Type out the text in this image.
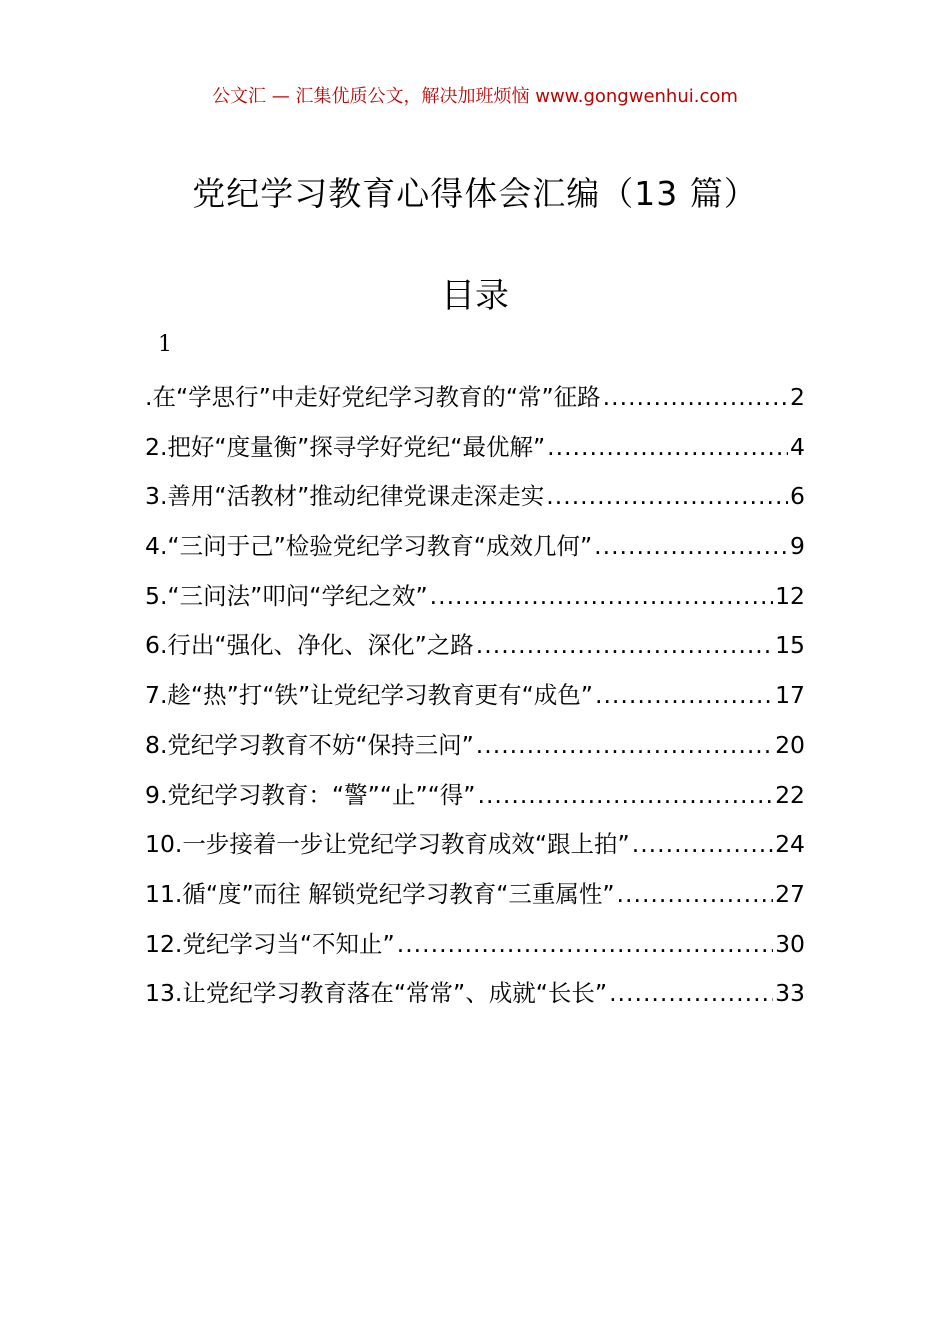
公文汇 — 汇集优质公文，解决加班烦恼 www.gongwenhui.com
党纪学习教育心得体会汇编（13 篇）
目录
1
.在“学思行”中走好党纪学习教育的“常”征路 .....	2
2.把好“度量衡”探寻学好党纪“最优解” .....	4
3.善用“活教材”推动纪律党课走深走实 .....	6
4.“三问于己”检验党纪学习教育“成效几何” .....	9
5.“三问法”叩问“学纪之效” .....	12
6.行出“强化、净化、深化”之路 .....	15
7.趁“热”打“铁”让党纪学习教育更有“成色” .....	17
8.党纪学习教育不妨“保持三问” .....	20
9.党纪学习教育：“警”“止”“得” .....	22
10.一步接着一步让党纪学习教育成效“跟上拍” .....	24
11.循“度”而往 解锁党纪学习教育“三重属性” .....	27
12.党纪学习当“不知止” .....	30
13.让党纪学习教育落在“常常”、成就“长长” .....	33
